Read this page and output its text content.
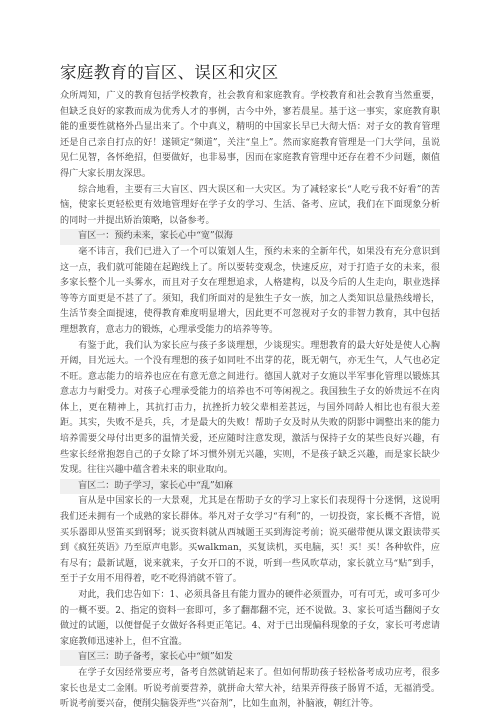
家庭教育的盲区、误区和灾区

众所周知，广义的教育包括学校教育，社会教育和家庭教育。学校教育和社会教育当然重要，但缺乏良好的家教而成为优秀人才的事例，古今中外，寥若晨星。基于这一事实，家庭教育职能的重要性就格外凸显出来了。个中真义，精明的中国家长早已大彻大悟：对子女的教育管理还是自己亲自打点的好！遂锁定“频道”，关注“皇上”。然而家庭教育管理是一门大学问，虽说见仁见智，各怀绝招，但要做好，也非易事，因而在家庭教育管理中还存在着不少问题，颇值得广大家长朋友深思。

综合地看，主要有三大盲区、四大误区和一大灾区。为了减轻家长“人吃亏我不好看”的苦恼，使家长更轻松更有效地管理好在学子女的学习、生活、备考、应试，我们在下面现象分析的同时一并提出矫治策略，以备参考。

盲区一：预约未来，家长心中“宽”似海

毫不讳言，我们已进入了一个可以策划人生，预约未来的全新年代，如果没有充分意识到这一点，我们就可能随在起跑线上了。所以要转变观念，快速反应，对于打造子女的未来，很多家长整个儿一头雾水，而且对子女在理想追求，人格建构，以及今后的人生走向，职业选择等等方面更是不甚了了。须知，我们所面对的是独生子女一族，加之人类知识总量热线增长，生活节奏全面提速，使得教育难度明显增大，因此更不可忽视对子女的非智力教育，其中包括理想教育，意志力的锻炼，心理承受能力的培养等等。

有鉴于此，我们认为家长应与孩子多谈理想，少谈现实。理想教育的最大好处是使人心胸开阔，目光远大。一个没有理想的孩子如同吐不出芽的花，既无朝气，亦无生气，人气也必定不旺。意志能力的培养也应在有意无意之间进行。德国人就对子女施以半军事化管理以锻炼其意志力与耐受力。对孩子心理承受能力的培养也不可等闲视之。我国独生子女的娇贵远不在肉体上，更在精神上，其抗打击力，抗挫折力较父辈相差甚远，与国外同龄人相比也有很大差距。其实，失败不是兵，兵，才是最大的失败！帮助子女及时从失败的阴影中调整出来的能力培养需要父母付出更多的温情关爱，还应随时注意发现，激活与保持子女的某些良好兴趣，有些家长经常抱怨自己的子女除了坏习惯外别无兴趣，实则，不是孩子缺乏兴趣，而是家长缺少发现。往往兴趣中蕴含着未来的职业取向。

盲区二：助子学习，家长心中“乱”如麻

盲从是中国家长的一大景观，尤其是在帮助子女的学习上家长们表现得十分迷惘，这说明我们还未拥有一个成熟的家长群体。举凡对子女学习“有利”的，一切投资，家长概不吝惜，说买乐器即从竖笛买到钢琴；说买资料就从西城题王买到海淀考前；说买磁带便从课文跟读带买到《疯狂英语》乃至原声电影。买walkman，买复读机，买电脑，买！买！买！各种软件，应有尽有；最新试题，说来就来，子女开口的不说，听到一些风吹草动，家长就立马“贴”到手，至于子女用不用得着，吃不吃得消就不管了。

对此，我们忠告如下：1、必须具备且有能力置办的硬件必须置办，可有可无，或可多可少的一概不要。2、指定的资料一套即可，多了翻都翻不完，还不说做。3、家长可适当翻阅子女做过的试题，以便督促子女做好各科更正笔记。4、对于已出现偏科现象的子女，家长可考虑请家庭教师迅速补上，但不宜滥。

盲区三：助子备考，家长心中“烦”如发

在学子女因经常要应考，备考自然就销起来了。但如何帮助孩子轻松备考成功应考，很多家长也是丈二金刚。听说考前要营养，就拼命大荤大补，结果弄得孩子肠胃不适，无福消受。听说考前要兴奋，便削尖脑袋弄些“兴奋剂”，比如生血剂，补脑液，朝红汁等。
